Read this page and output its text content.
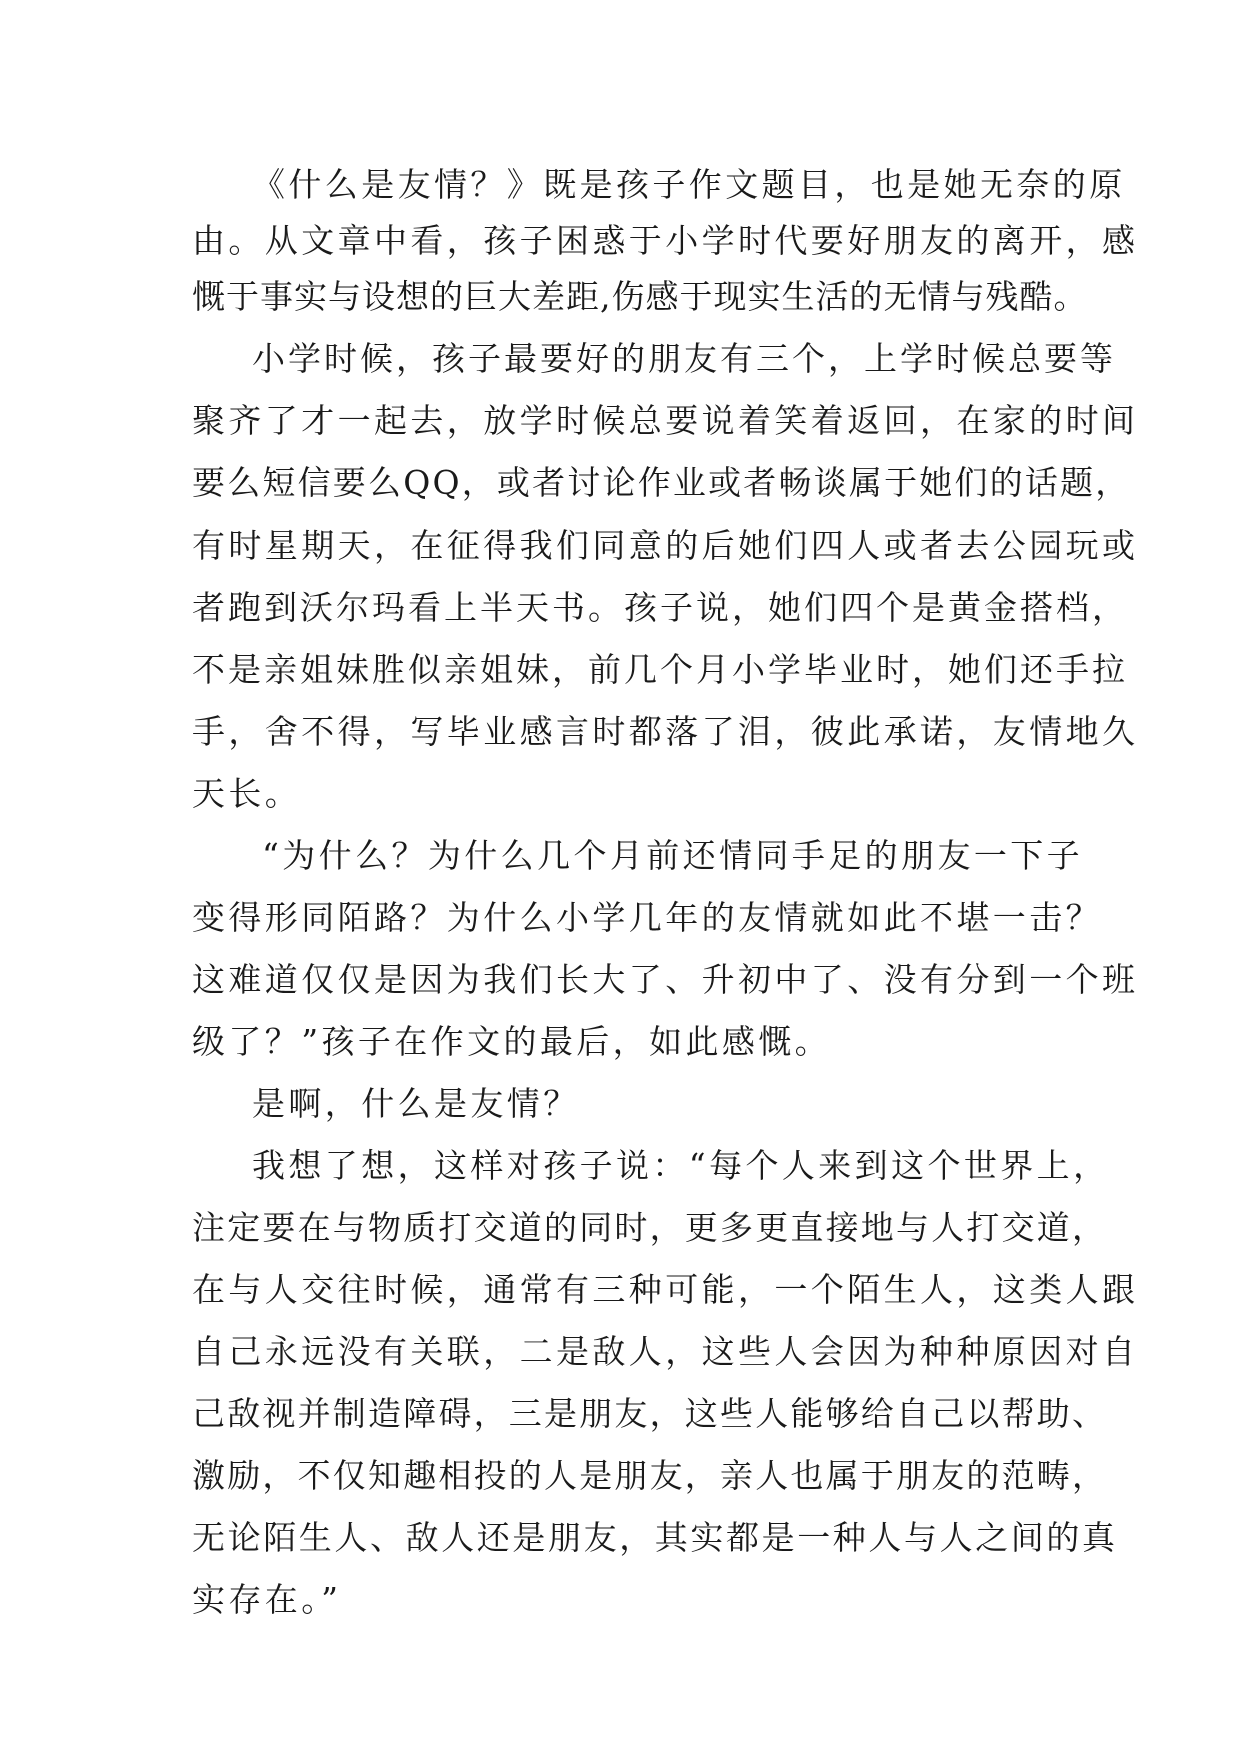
《什么是友情？》既是孩子作文题目，也是她无奈的原
由。从文章中看，孩子困惑于小学时代要好朋友的离开，感
慨于事实与设想的巨大差距,伤感于现实生活的无情与残酷。
小学时候，孩子最要好的朋友有三个，上学时候总要等
聚齐了才一起去，放学时候总要说着笑着返回，在家的时间
要么短信要么QQ，或者讨论作业或者畅谈属于她们的话题，
有时星期天，在征得我们同意的后她们四人或者去公园玩或
者跑到沃尔玛看上半天书。孩子说，她们四个是黄金搭档，
不是亲姐妹胜似亲姐妹，前几个月小学毕业时，她们还手拉
手，舍不得，写毕业感言时都落了泪，彼此承诺，友情地久
天长。
“为什么？为什么几个月前还情同手足的朋友一下子
变得形同陌路？为什么小学几年的友情就如此不堪一击？
这难道仅仅是因为我们长大了、升初中了、没有分到一个班
级了？”孩子在作文的最后，如此感慨。
是啊，什么是友情？
我想了想，这样对孩子说：“每个人来到这个世界上，
注定要在与物质打交道的同时，更多更直接地与人打交道，
在与人交往时候，通常有三种可能，一个陌生人，这类人跟
自己永远没有关联，二是敌人，这些人会因为种种原因对自
己敌视并制造障碍，三是朋友，这些人能够给自己以帮助、
激励，不仅知趣相投的人是朋友，亲人也属于朋友的范畴，
无论陌生人、敌人还是朋友，其实都是一种人与人之间的真
实存在。”
